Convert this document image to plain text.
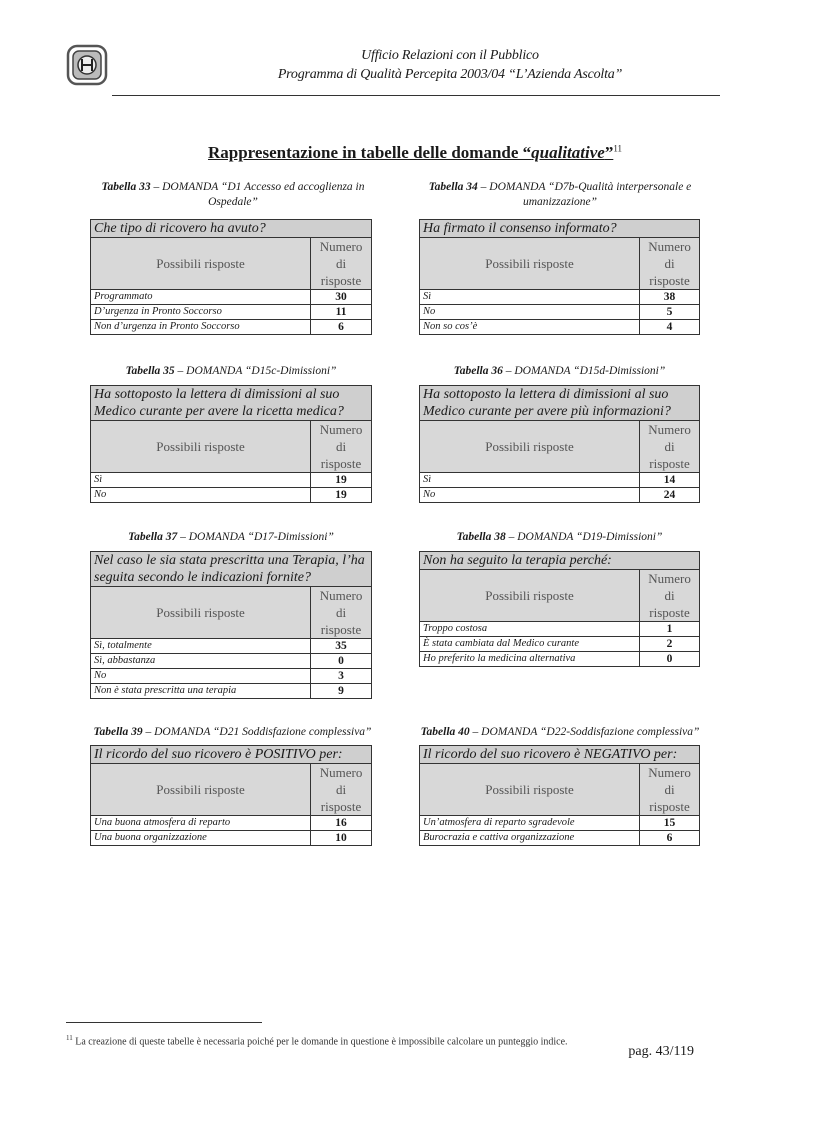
Ufficio Relazioni con il Pubblico
Programma di Qualità Percepita 2003/04 “L’Azienda Ascolta”
Rappresentazione in tabelle delle domande “qualitative”$^{11}$
Tabella 33 – DOMANDA “D1 Accesso ed accoglienza in Ospedale”
Che tipo di ricovero ha avuto?	
Possibili risposte	Numero
di
risposte
Programmato	30
D’urgenza in Pronto Soccorso	11
Non d’urgenza in Pronto Soccorso	6
Tabella 34 – DOMANDA “D7b-Qualità interpersonale e umanizzazione”
Ha firmato il consenso informato?	
Possibili risposte	Numero
di
risposte
Sì	38
No	5
Non so cos’è	4
Tabella 35 – DOMANDA “D15c-Dimissioni”
Ha sottoposto la lettera di dimissioni al suo Medico curante per avere la ricetta medica?	
Possibili risposte	Numero
di
risposte
Sì	19
No	19
Tabella 36 – DOMANDA “D15d-Dimissioni”
Ha sottoposto la lettera di dimissioni al suo Medico curante per avere più informazioni?	
Possibili risposte	Numero
di
risposte
Sì	14
No	24
Tabella 37 – DOMANDA “D17-Dimissioni”
Nel caso le sia stata prescritta una Terapia, l’ha seguita secondo le indicazioni fornite?	
Possibili risposte	Numero
di
risposte
Sì, totalmente	35
Sì, abbastanza	0
No	3
Non è stata prescritta una terapia	9
Tabella 38 – DOMANDA “D19-Dimissioni”
Non ha seguito la terapia perché:	
Possibili risposte	Numero
di
risposte
Troppo costosa	1
È stata cambiata dal Medico curante	2
Ho preferito la medicina alternativa	0
Tabella 39 – DOMANDA “D21 Soddisfazione complessiva”
Il ricordo del suo ricovero è POSITIVO per:	
Possibili risposte	Numero
di
risposte
Una buona atmosfera di reparto	16
Una buona organizzazione	10
Tabella 40 – DOMANDA “D22-Soddisfazione complessiva”
Il ricordo del suo ricovero è NEGATIVO per:	
Possibili risposte	Numero
di
risposte
Un’atmosfera di reparto sgradevole	15
Burocrazia e cattiva organizzazione	6
$^{11}$ La creazione di queste tabelle è necessaria poiché per le domande in questione è impossibile calcolare un punteggio indice.
pag. 43/119
